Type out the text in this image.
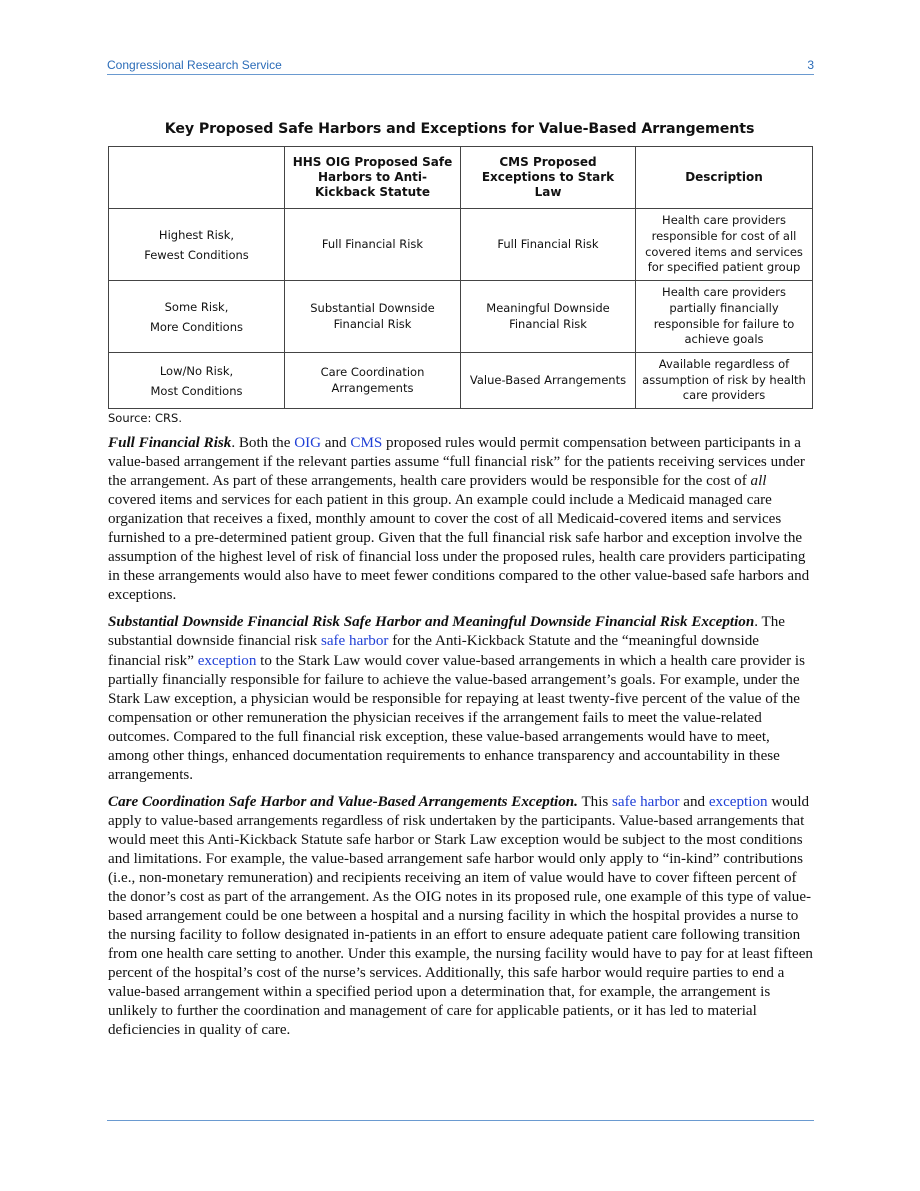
Congressional Research Service	3
Key Proposed Safe Harbors and Exceptions for Value-Based Arrangements
	HHS OIG Proposed Safe Harbors to Anti-Kickback Statute	CMS Proposed Exceptions to Stark Law	Description

Highest Risk,
Fewest Conditions	Full Financial Risk	Full Financial Risk	Health care providers responsible for cost of all covered items and services for specified patient group

Some Risk,
More Conditions	Substantial Downside Financial Risk	Meaningful Downside Financial Risk	Health care providers partially financially responsible for failure to achieve goals

Low/No Risk,
Most Conditions	Care Coordination Arrangements	Value-Based Arrangements	Available regardless of assumption of risk by health care providers
Source: CRS.

Full Financial Risk. Both the OIG and CMS proposed rules would permit compensation between participants in a value-based arrangement if the relevant parties assume “full financial risk” for the patients receiving services under the arrangement. As part of these arrangements, health care providers would be responsible for the cost of all covered items and services for each patient in this group. An example could include a Medicaid managed care organization that receives a fixed, monthly amount to cover the cost of all Medicaid-covered items and services furnished to a pre-determined patient group. Given that the full financial risk safe harbor and exception involve the assumption of the highest level of risk of financial loss under the proposed rules, health care providers participating in these arrangements would also have to meet fewer conditions compared to the other value-based safe harbors and exceptions.

Substantial Downside Financial Risk Safe Harbor and Meaningful Downside Financial Risk Exception. The substantial downside financial risk safe harbor for the Anti-Kickback Statute and the “meaningful downside financial risk” exception to the Stark Law would cover value-based arrangements in which a health care provider is partially financially responsible for failure to achieve the value-based arrangement’s goals. For example, under the Stark Law exception, a physician would be responsible for repaying at least twenty-five percent of the value of the compensation or other remuneration the physician receives if the arrangement fails to meet the value-related outcomes. Compared to the full financial risk exception, these value-based arrangements would have to meet, among other things, enhanced documentation requirements to enhance transparency and accountability in these arrangements.

Care Coordination Safe Harbor and Value-Based Arrangements Exception. This safe harbor and exception would apply to value-based arrangements regardless of risk undertaken by the participants. Value-based arrangements that would meet this Anti-Kickback Statute safe harbor or Stark Law exception would be subject to the most conditions and limitations. For example, the value-based arrangement safe harbor would only apply to “in-kind” contributions (i.e., non-monetary remuneration) and recipients receiving an item of value would have to cover fifteen percent of the donor’s cost as part of the arrangement. As the OIG notes in its proposed rule, one example of this type of value-based arrangement could be one between a hospital and a nursing facility in which the hospital provides a nurse to the nursing facility to follow designated in-patients in an effort to ensure adequate patient care following transition from one health care setting to another. Under this example, the nursing facility would have to pay for at least fifteen percent of the hospital’s cost of the nurse’s services. Additionally, this safe harbor would require parties to end a value-based arrangement within a specified period upon a determination that, for example, the arrangement is unlikely to further the coordination and management of care for applicable patients, or it has led to material deficiencies in quality of care.
